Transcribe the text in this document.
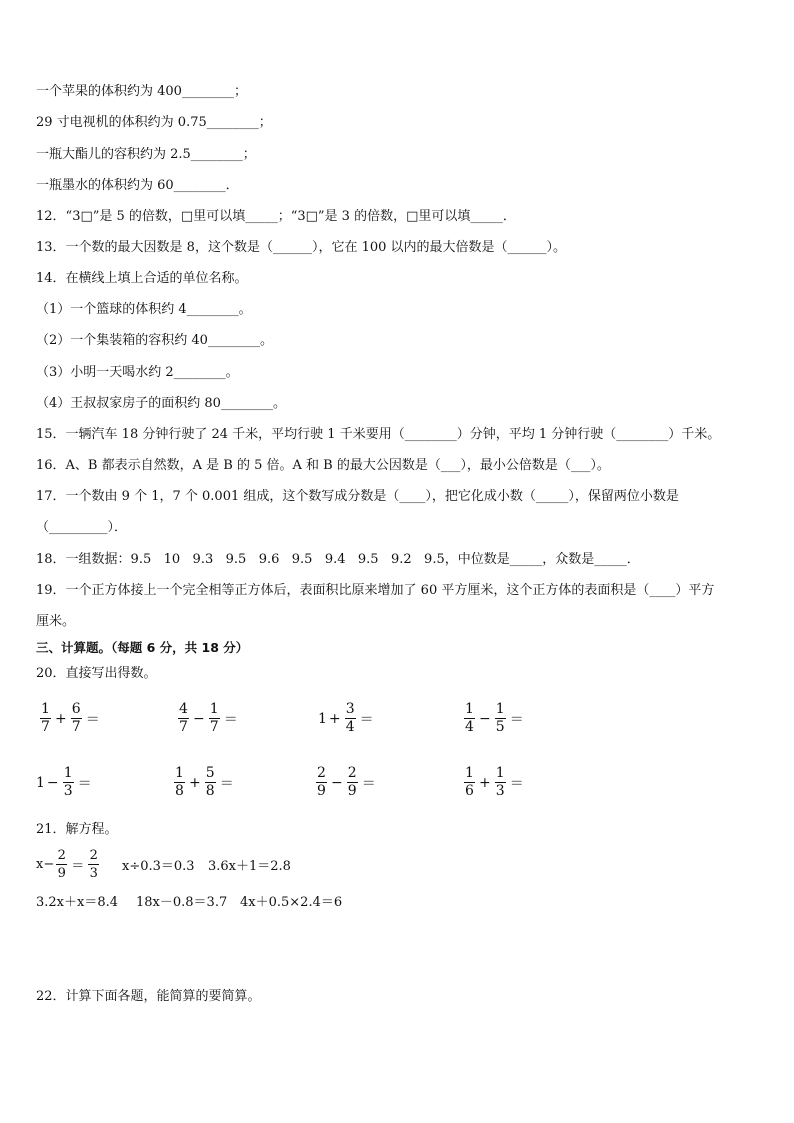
一个苹果的体积约为 400________；
29 寸电视机的体积约为 0.75________；
一瓶大酯儿的容积约为 2.5________；
一瓶墨水的体积约为 60________．
12．“3□”是 5 的倍数，□里可以填_____；“3□”是 3 的倍数，□里可以填_____．
13．一个数的最大因数是 8，这个数是（______），它在 100 以内的最大倍数是（______）。
14．在横线上填上合适的单位名称。
（1）一个篮球的体积约 4________。
（2）一个集装箱的容积约 40________。
（3）小明一天喝水约 2________。
（4）王叔叔家房子的面积约 80________。
15．一辆汽车 18 分钟行驶了 24 千米，平均行驶 1 千米要用（________）分钟，平均 1 分钟行驶（________）千米。
16．A、B 都表示自然数，A 是 B 的 5 倍。A 和 B 的最大公因数是（___），最小公倍数是（___）。
17．一个数由 9 个 1，7 个 0.001 组成，这个数写成分数是（____），把它化成小数（_____），保留两位小数是
（_________）．
18．一组数据：9.5   10   9.3   9.5   9.6   9.5   9.4   9.5   9.2   9.5，中位数是_____，众数是_____．
19．一个正方体接上一个完全相等正方体后，表面积比原来增加了 60 平方厘米，这个正方体的表面积是（____）平方
厘米。
三、计算题。（每题 6 分，共 18 分）
20．直接写出得数。
$\frac{1}{7} + \frac{6}{7}$ ＝	$\frac{4}{7} - \frac{1}{7}$ ＝	$1 + \frac{3}{4}$ ＝	$\frac{1}{4} - \frac{1}{5}$ ＝
$1 - \frac{1}{3}$ ＝	$\frac{1}{8} + \frac{5}{8}$ ＝	$\frac{2}{9} - \frac{2}{9}$ ＝	$\frac{1}{6} + \frac{1}{3}$ ＝
21．解方程。
$x- \frac{2}{9} = \frac{2}{3} x\div 0.3=0.3$ 3.6x＋1＝2.8
3.2x＋x＝8.4 18x－0.8＝3.7 4x＋0.5×2.4＝6
22．计算下面各题，能简算的要简算。
